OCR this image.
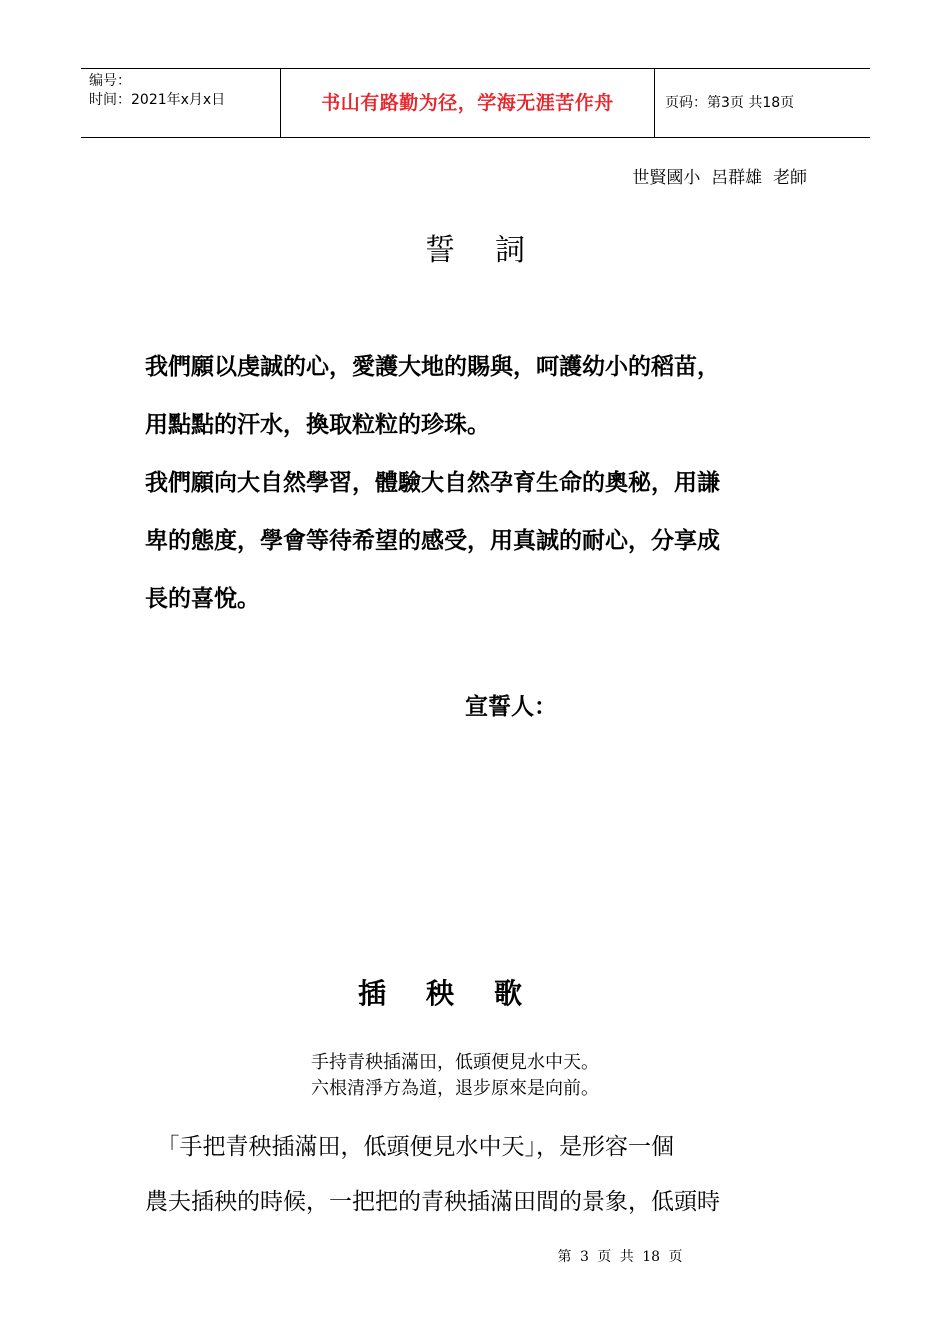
编号：
时间：2021年x月x日	书山有路勤为径，学海无涯苦作舟	页码：第3页 共18页
世賢國小  呂群雄  老師
誓詞

我們願以虔誠的心，愛護大地的賜與，呵護幼小的稻苗，

用點點的汗水，換取粒粒的珍珠。

我們願向大自然學習，體驗大自然孕育生命的奧秘，用謙

卑的態度，學會等待希望的感受，用真誠的耐心，分享成

長的喜悅。

宣誓人：
插秧歌
手持青秧插滿田，低頭便見水中天。
六根清淨方為道，退步原來是向前。

　「手把青秧插滿田，低頭便見水中天」，是形容一個

農夫插秧的時候，一把把的青秧插滿田間的景象，低頭時

第 3 页 共 18 页
